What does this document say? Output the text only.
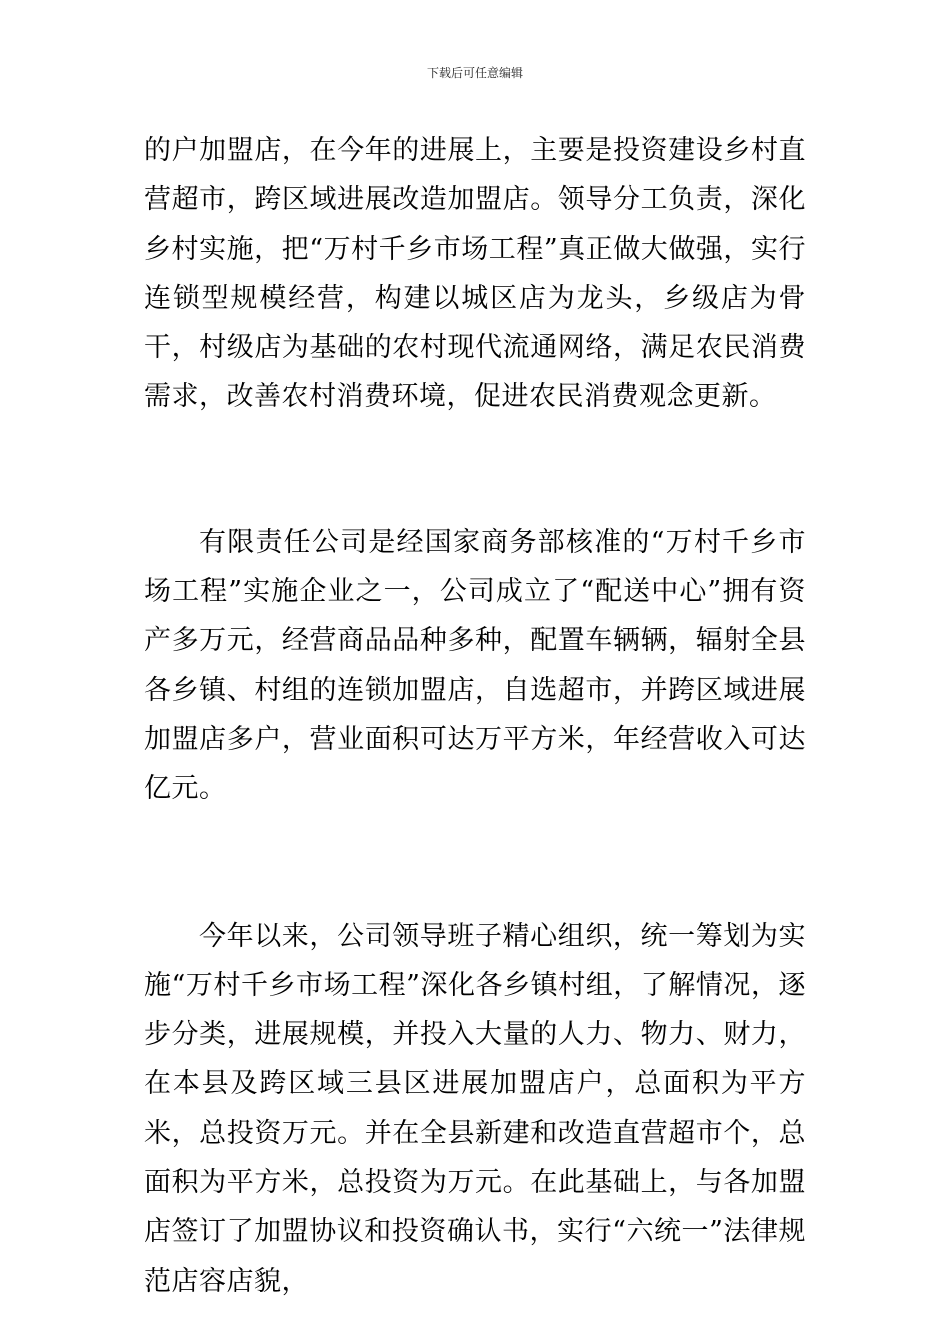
下载后可任意编辑

的户加盟店，在今年的进展上，主要是投资建设乡村直营超市，跨区域进展改造加盟店。领导分工负责，深化乡村实施，把“万村千乡市场工程”真正做大做强，实行连锁型规模经营，构建以城区店为龙头，乡级店为骨干，村级店为基础的农村现代流通网络，满足农民消费需求，改善农村消费环境，促进农民消费观念更新。

有限责任公司是经国家商务部核准的“万村千乡市场工程”实施企业之一，公司成立了“配送中心”拥有资产多万元，经营商品品种多种，配置车辆辆，辐射全县各乡镇、村组的连锁加盟店，自选超市，并跨区域进展加盟店多户，营业面积可达万平方米，年经营收入可达亿元。

今年以来，公司领导班子精心组织，统一筹划为实施“万村千乡市场工程”深化各乡镇村组，了解情况，逐步分类，进展规模，并投入大量的人力、物力、财力，在本县及跨区域三县区进展加盟店户，总面积为平方米，总投资万元。并在全县新建和改造直营超市个，总面积为平方米，总投资为万元。在此基础上，与各加盟店签订了加盟协议和投资确认书，实行“六统一”法律规范店容店貌，
